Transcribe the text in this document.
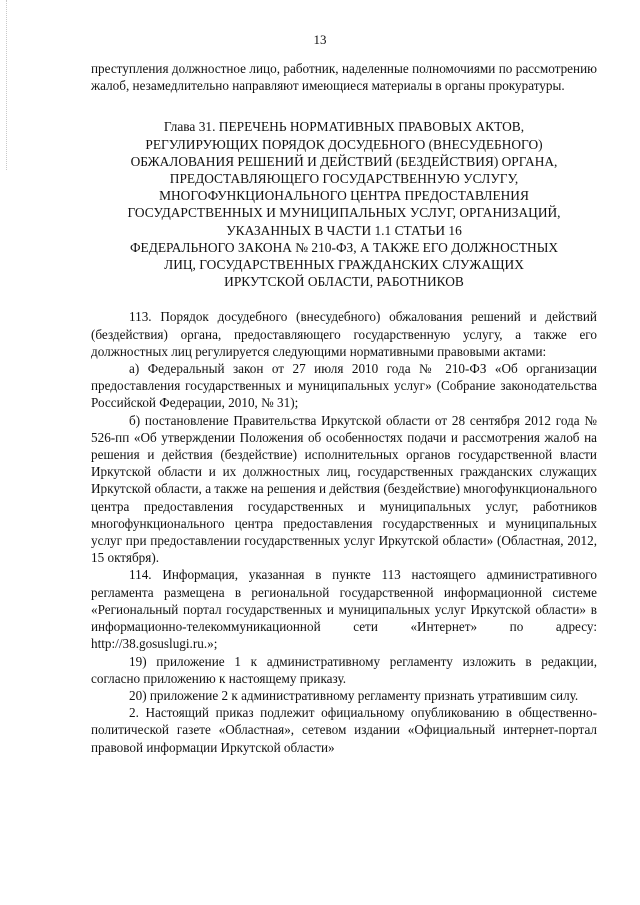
13

преступления должностное лицо, работник, наделенные полномочиями по рассмотрению жалоб, незамедлительно направляют имеющиеся материалы в органы прокуратуры.

Глава 31. ПЕРЕЧЕНЬ НОРМАТИВНЫХ ПРАВОВЫХ АКТОВ,
РЕГУЛИРУЮЩИХ ПОРЯДОК ДОСУДЕБНОГО (ВНЕСУДЕБНОГО)
ОБЖАЛОВАНИЯ РЕШЕНИЙ И ДЕЙСТВИЙ (БЕЗДЕЙСТВИЯ) ОРГАНА,
ПРЕДОСТАВЛЯЮЩЕГО ГОСУДАРСТВЕННУЮ УСЛУГУ,
МНОГОФУНКЦИОНАЛЬНОГО ЦЕНТРА ПРЕДОСТАВЛЕНИЯ
ГОСУДАРСТВЕННЫХ И МУНИЦИПАЛЬНЫХ УСЛУГ, ОРГАНИЗАЦИЙ,
УКАЗАННЫХ В ЧАСТИ 1.1 СТАТЬИ 16
ФЕДЕРАЛЬНОГО ЗАКОНА № 210-ФЗ, А ТАКЖЕ ЕГО ДОЛЖНОСТНЫХ
ЛИЦ, ГОСУДАРСТВЕННЫХ ГРАЖДАНСКИХ СЛУЖАЩИХ
ИРКУТСКОЙ ОБЛАСТИ, РАБОТНИКОВ

113. Порядок досудебного (внесудебного) обжалования решений и действий (бездействия) органа, предоставляющего государственную услугу, а также его должностных лиц регулируется следующими нормативными правовыми актами:

а) Федеральный закон от 27 июля 2010 года № 210-ФЗ «Об организации предоставления государственных и муниципальных услуг» (Собрание законодательства Российской Федерации, 2010, № 31);

б) постановление Правительства Иркутской области от 28 сентября 2012 года № 526-пп «Об утверждении Положения об особенностях подачи и рассмотрения жалоб на решения и действия (бездействие) исполнительных органов государственной власти Иркутской области и их должностных лиц, государственных гражданских служащих Иркутской области, а также на решения и действия (бездействие) многофункционального центра предоставления государственных и муниципальных услуг, работников многофункционального центра предоставления государственных и муниципальных услуг при предоставлении государственных услуг Иркутской области» (Областная, 2012, 15 октября).

114. Информация, указанная в пункте 113 настоящего административного регламента размещена в региональной государственной информационной системе «Региональный портал государственных и муниципальных услуг Иркутской области» в информационно-телекоммуникационной сети «Интернет» по адресу: http://38.gosuslugi.ru.»;

19) приложение 1 к административному регламенту изложить в редакции, согласно приложению к настоящему приказу.

20) приложение 2 к административному регламенту признать утратившим силу.

2. Настоящий приказ подлежит официальному опубликованию в общественно-политической газете «Областная», сетевом издании «Официальный интернет-портал правовой информации Иркутской области»
